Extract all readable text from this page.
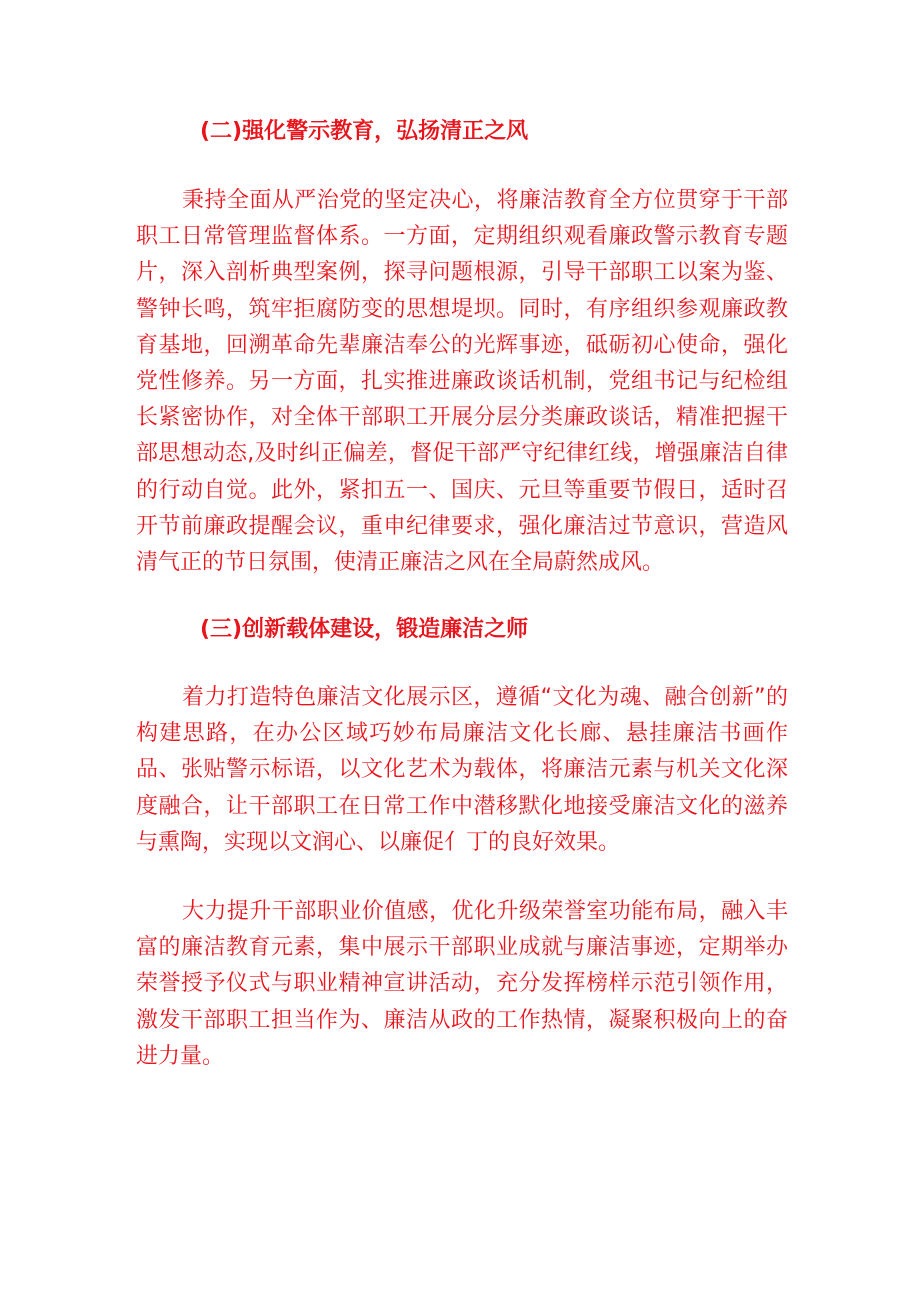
(二)强化警示教育，弘扬清正之风

秉持全面从严治党的坚定决心，将廉洁教育全方位贯穿于干部职工日常管理监督体系。一方面，定期组织观看廉政警示教育专题片，深入剖析典型案例，探寻问题根源，引导干部职工以案为鉴、警钟长鸣，筑牢拒腐防变的思想堤坝。同时，有序组织参观廉政教育基地，回溯革命先辈廉洁奉公的光辉事迹，砥砺初心使命，强化党性修养。另一方面，扎实推进廉政谈话机制，党组书记与纪检组长紧密协作，对全体干部职工开展分层分类廉政谈话，精准把握干部思想动态,及时纠正偏差，督促干部严守纪律红线，增强廉洁自律的行动自觉。此外，紧扣五一、国庆、元旦等重要节假日，适时召开节前廉政提醒会议，重申纪律要求，强化廉洁过节意识，营造风清气正的节日氛围，使清正廉洁之风在全局蔚然成风。

(三)创新载体建设，锻造廉洁之师

着力打造特色廉洁文化展示区，遵循“文化为魂、融合创新”的构建思路，在办公区域巧妙布局廉洁文化长廊、悬挂廉洁书画作品、张贴警示标语，以文化艺术为载体，将廉洁元素与机关文化深度融合，让干部职工在日常工作中潜移默化地接受廉洁文化的滋养与熏陶，实现以文润心、以廉促亻丁的良好效果。

大力提升干部职业价值感，优化升级荣誉室功能布局，融入丰富的廉洁教育元素，集中展示干部职业成就与廉洁事迹，定期举办荣誉授予仪式与职业精神宣讲活动，充分发挥榜样示范引领作用，激发干部职工担当作为、廉洁从政的工作热情，凝聚积极向上的奋进力量。
